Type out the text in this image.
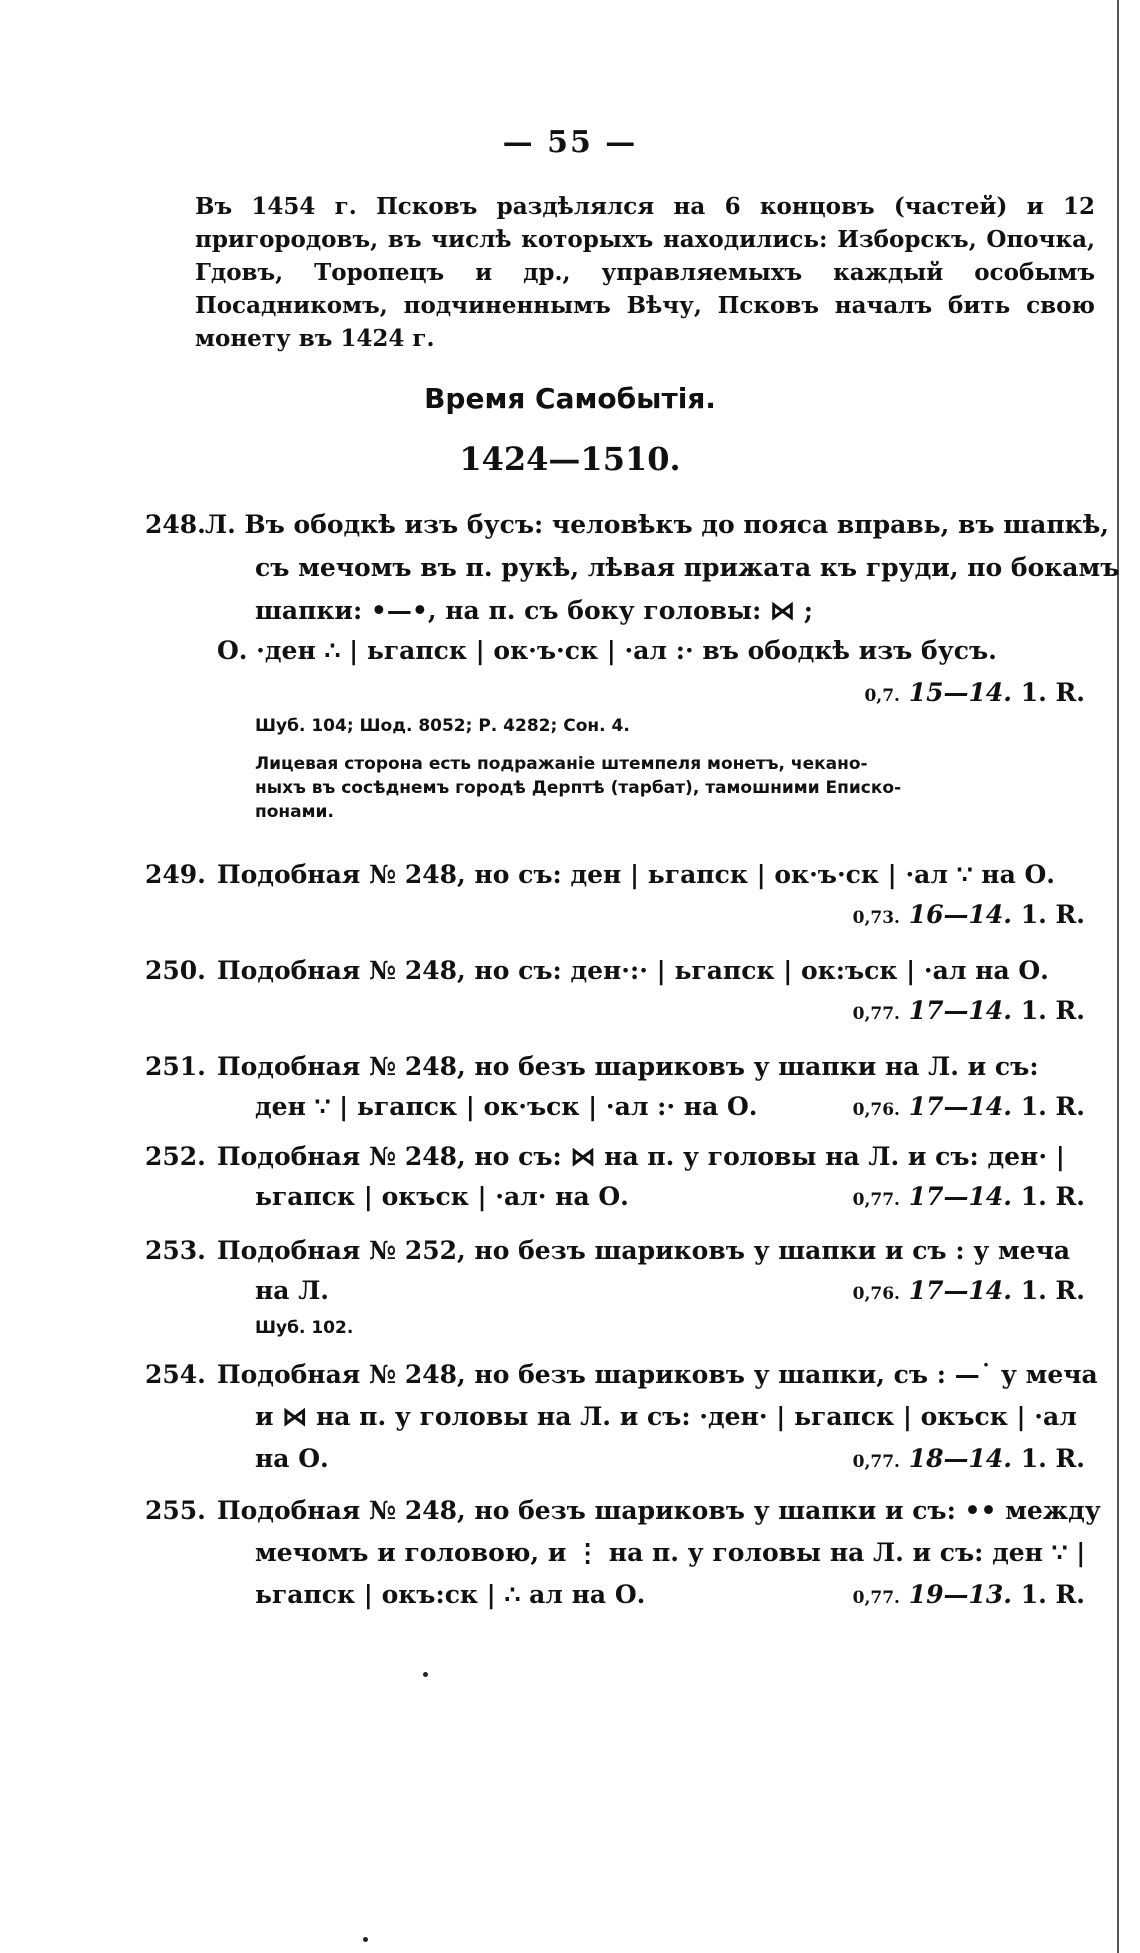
— 55 —
Въ 1454 г. Псковъ раздѣлялся на 6 концовъ (частей) и 12 пригородовъ, въ числѣ которыхъ находились: Изборскъ, Опочка, Гдовъ, Торопецъ и др., управляемыхъ каждый особымъ Посадникомъ, подчиненнымъ Вѣчу, Псковъ началъ бить свою монету въ 1424 г.
Время Самобытія.
1424—1510.
248. Л. Въ ободкѣ изъ бусъ: человѣкъ до пояса вправь, въ шапкѣ,
съ мечомъ въ п. рукѣ, лѣвая прижата къ груди, по бокамъ
шапки: •—•, на п. съ боку головы: ⋈ ;
О. ·ден ∴ | ьгапск | ок·ъ·ск | ·ал :· въ ободкѣ изъ бусъ.
0,7. 15—14. 1. R.
Шуб. 104; Шод. 8052; Р. 4282; Сон. 4.
Лицевая сторона есть подражаніе штемпеля монетъ, чекано-
ныхъ въ сосѣднемъ городѣ Дерптѣ (тарбат), тамошними Еписко-
понами.
249. Подобная № 248, но съ: ден | ьгапск | ок·ъ·ск | ·ал ∵ на О.
0,73. 16—14. 1. R.
250. Подобная № 248, но съ: ден·:· | ьгапск | ок:ъск | ·ал на О.
0,77. 17—14. 1. R.
251. Подобная № 248, но безъ шариковъ у шапки на Л. и съ:
ден ∵ | ьгапск | ок·ъск | ·ал :· на О.	0,76. 17—14. 1. R.
252. Подобная № 248, но съ: ⋈ на п. у головы на Л. и съ: ден· |
ьгапск | окъск | ·ал· на О.	0,77. 17—14. 1. R.
253. Подобная № 252, но безъ шариковъ у шапки и съ : у меча
на Л.	0,76. 17—14. 1. R.
Шуб. 102.
254. Подобная № 248, но безъ шариковъ у шапки, съ : —˙ у меча
и ⋈ на п. у головы на Л. и съ: ·ден· | ьгапск | окъск | ·ал
на О.	0,77. 18—14. 1. R.
255. Подобная № 248, но безъ шариковъ у шапки и съ: •• между
мечомъ и головою, и ⋮ на п. у головы на Л. и съ: ден ∵ |
ьгапск | окъ:ск | ∴ ал на О.	0,77. 19—13. 1. R.
